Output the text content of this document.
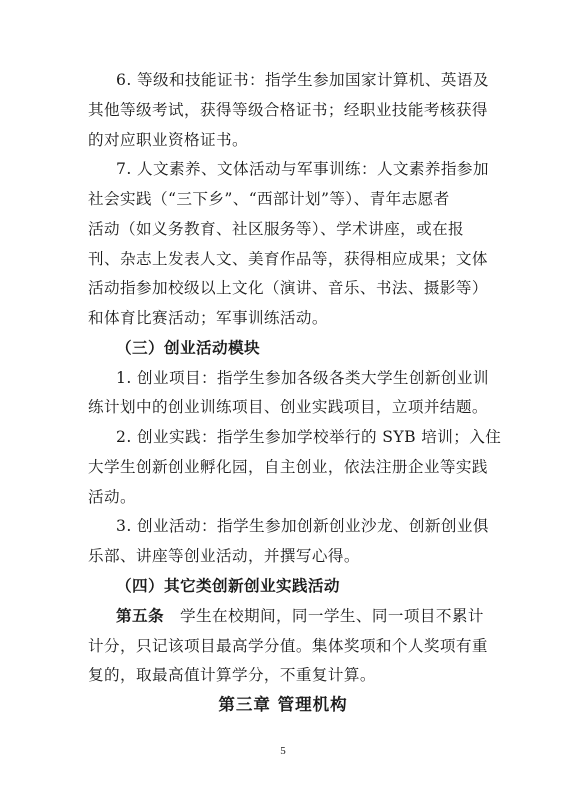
6. 等级和技能证书：指学生参加国家计算机、英语及
其他等级考试，获得等级合格证书；经职业技能考核获得
的对应职业资格证书。
7. 人文素养、文体活动与军事训练：人文素养指参加
社会实践（“三下乡”、“西部计划”等）、青年志愿者
活动（如义务教育、社区服务等）、学术讲座，或在报
刊、杂志上发表人文、美育作品等，获得相应成果；文体
活动指参加校级以上文化（演讲、音乐、书法、摄影等）
和体育比赛活动；军事训练活动。
（三）创业活动模块
1. 创业项目：指学生参加各级各类大学生创新创业训
练计划中的创业训练项目、创业实践项目，立项并结题。
2. 创业实践：指学生参加学校举行的 SYB 培训；入住
大学生创新创业孵化园，自主创业，依法注册企业等实践
活动。
3. 创业活动：指学生参加创新创业沙龙、创新创业俱
乐部、讲座等创业活动，并撰写心得。
（四）其它类创新创业实践活动
第五条　学生在校期间，同一学生、同一项目不累计
计分，只记该项目最高学分值。集体奖项和个人奖项有重
复的，取最高值计算学分，不重复计算。
第三章 管理机构
5
